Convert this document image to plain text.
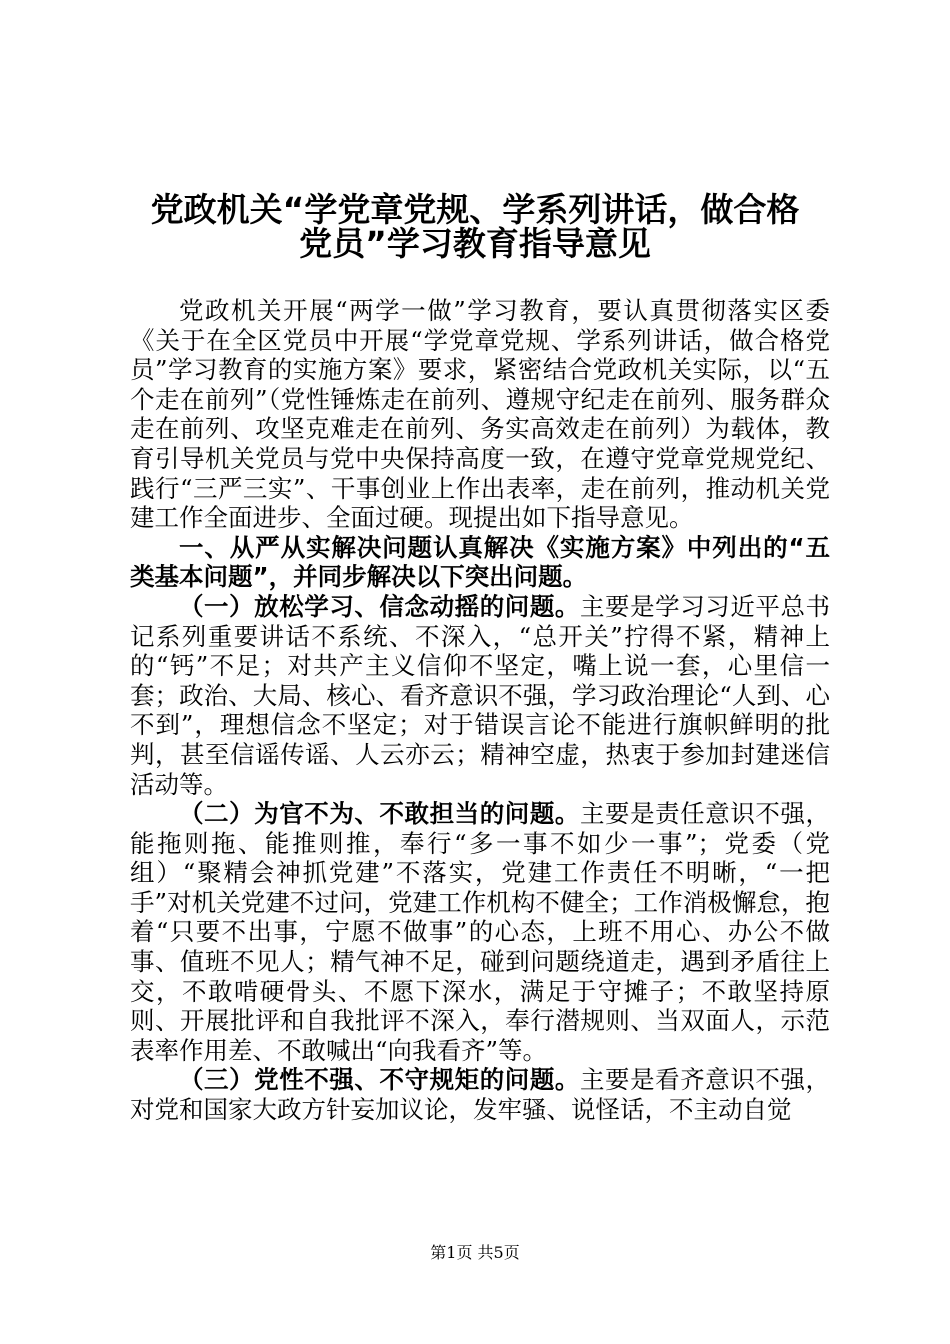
党政机关“学党章党规、学系列讲话，做合格
党员”学习教育指导意见

党政机关开展“两学一做”学习教育，要认真贯彻落实区委《关于在全区党员中开展“学党章党规、学系列讲话，做合格党员”学习教育的实施方案》要求，紧密结合党政机关实际，以“五个走在前列”（党性锤炼走在前列、遵规守纪走在前列、服务群众走在前列、攻坚克难走在前列、务实高效走在前列）为载体，教育引导机关党员与党中央保持高度一致，在遵守党章党规党纪、践行“三严三实”、干事创业上作出表率，走在前列，推动机关党建工作全面进步、全面过硬。现提出如下指导意见。

一、从严从实解决问题认真解决《实施方案》中列出的“五类基本问题”，并同步解决以下突出问题。

（一）放松学习、信念动摇的问题。主要是学习习近平总书记系列重要讲话不系统、不深入，“总开关”拧得不紧，精神上的“钙”不足；对共产主义信仰不坚定，嘴上说一套，心里信一套；政治、大局、核心、看齐意识不强，学习政治理论“人到、心不到”，理想信念不坚定；对于错误言论不能进行旗帜鲜明的批判，甚至信谣传谣、人云亦云；精神空虚，热衷于参加封建迷信活动等。

（二）为官不为、不敢担当的问题。主要是责任意识不强，能拖则拖、能推则推，奉行“多一事不如少一事”；党委（党组）“聚精会神抓党建”不落实，党建工作责任不明晰，“一把手”对机关党建不过问，党建工作机构不健全；工作消极懈怠，抱着“只要不出事，宁愿不做事”的心态，上班不用心、办公不做事、值班不见人；精气神不足，碰到问题绕道走，遇到矛盾往上交，不敢啃硬骨头、不愿下深水，满足于守摊子；不敢坚持原则、开展批评和自我批评不深入，奉行潜规则、当双面人，示范表率作用差、不敢喊出“向我看齐”等。

（三）党性不强、不守规矩的问题。主要是看齐意识不强，对党和国家大政方针妄加议论，发牢骚、说怪话，不主动自觉

第1页 共5页
